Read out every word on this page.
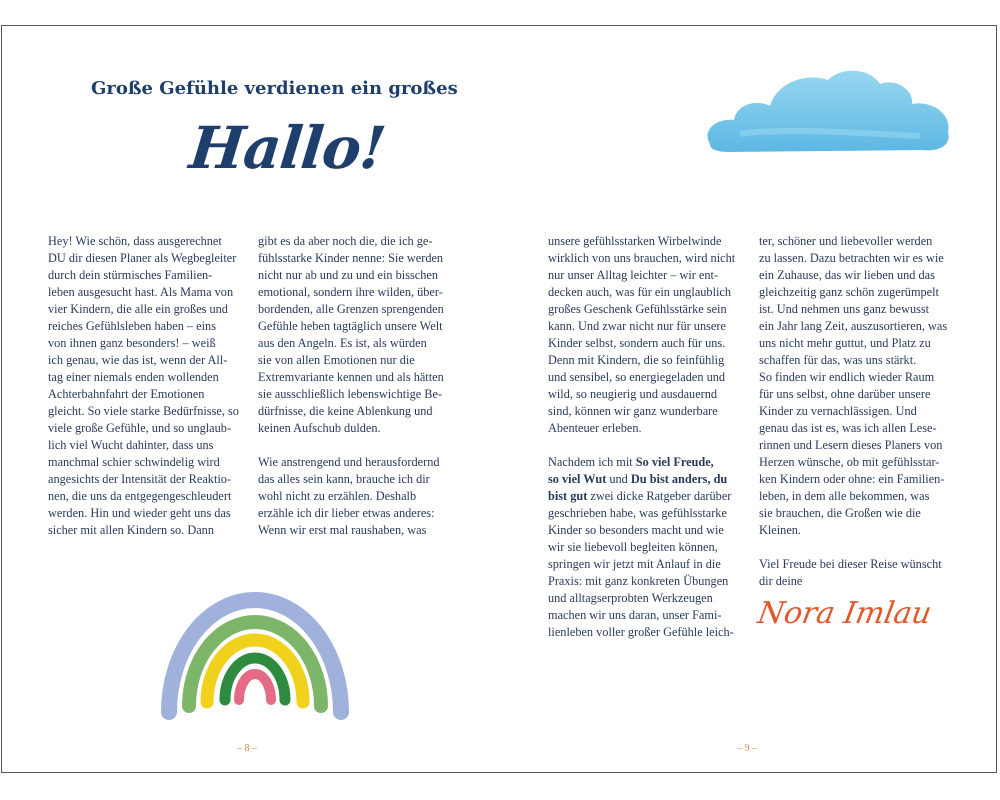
Große Gefühle verdienen ein großes
Hallo!

Hey! Wie schön, dass ausgerechnet
DU dir diesen Planer als Wegbegleiter
durch dein stürmisches Familien-
leben ausgesucht hast. Als Mama von
vier Kindern, die alle ein großes und
reiches Gefühlsleben haben – eins
von ihnen ganz besonders! – weiß
ich genau, wie das ist, wenn der All-
tag einer niemals enden wollenden
Achterbahnfahrt der Emotionen
gleicht. So viele starke Bedürfnisse, so
viele große Gefühle, und so unglaub-
lich viel Wucht dahinter, dass uns
manchmal schier schwindelig wird
angesichts der Intensität der Reaktio-
nen, die uns da entgegengeschleudert
werden. Hin und wieder geht uns das
sicher mit allen Kindern so. Dann

gibt es da aber noch die, die ich ge-
fühlsstarke Kinder nenne: Sie werden
nicht nur ab und zu und ein bisschen
emotional, sondern ihre wilden, über-
bordenden, alle Grenzen sprengenden
Gefühle heben tagtäglich unsere Welt
aus den Angeln. Es ist, als würden
sie von allen Emotionen nur die
Extremvariante kennen und als hätten
sie ausschließlich lebenswichtige Be-
dürfnisse, die keine Ablenkung und
keinen Aufschub dulden.

Wie anstrengend und herausfordernd
das alles sein kann, brauche ich dir
wohl nicht zu erzählen. Deshalb
erzähle ich dir lieber etwas anderes:
Wenn wir erst mal raushaben, was

unsere gefühlsstarken Wirbelwinde
wirklich von uns brauchen, wird nicht
nur unser Alltag leichter – wir ent-
decken auch, was für ein unglaublich
großes Geschenk Gefühlsstärke sein
kann. Und zwar nicht nur für unsere
Kinder selbst, sondern auch für uns.
Denn mit Kindern, die so feinfühlig
und sensibel, so energiegeladen und
wild, so neugierig und ausdauernd
sind, können wir ganz wunderbare
Abenteuer erleben.

Nachdem ich mit So viel Freude,
so viel Wut und Du bist anders, du
bist gut zwei dicke Ratgeber darüber
geschrieben habe, was gefühlsstarke
Kinder so besonders macht und wie
wir sie liebevoll begleiten können,
springen wir jetzt mit Anlauf in die
Praxis: mit ganz konkreten Übungen
und alltagserprobten Werkzeugen
machen wir uns daran, unser Fami-
lienleben voller großer Gefühle leich-

ter, schöner und liebevoller werden
zu lassen. Dazu betrachten wir es wie
ein Zuhause, das wir lieben und das
gleichzeitig ganz schön zugerümpelt
ist. Und nehmen uns ganz bewusst
ein Jahr lang Zeit, auszusortieren, was
uns nicht mehr guttut, und Platz zu
schaffen für das, was uns stärkt.
So finden wir endlich wieder Raum
für uns selbst, ohne darüber unsere
Kinder zu vernachlässigen. Und
genau das ist es, was ich allen Lese-
rinnen und Lesern dieses Planers von
Herzen wünsche, ob mit gefühlsstar-
ken Kindern oder ohne: ein Familien-
leben, in dem alle bekommen, was
sie brauchen, die Großen wie die
Kleinen.

Viel Freude bei dieser Reise wünscht
dir deine

Nora Imlau
– 8 –	– 9 –
